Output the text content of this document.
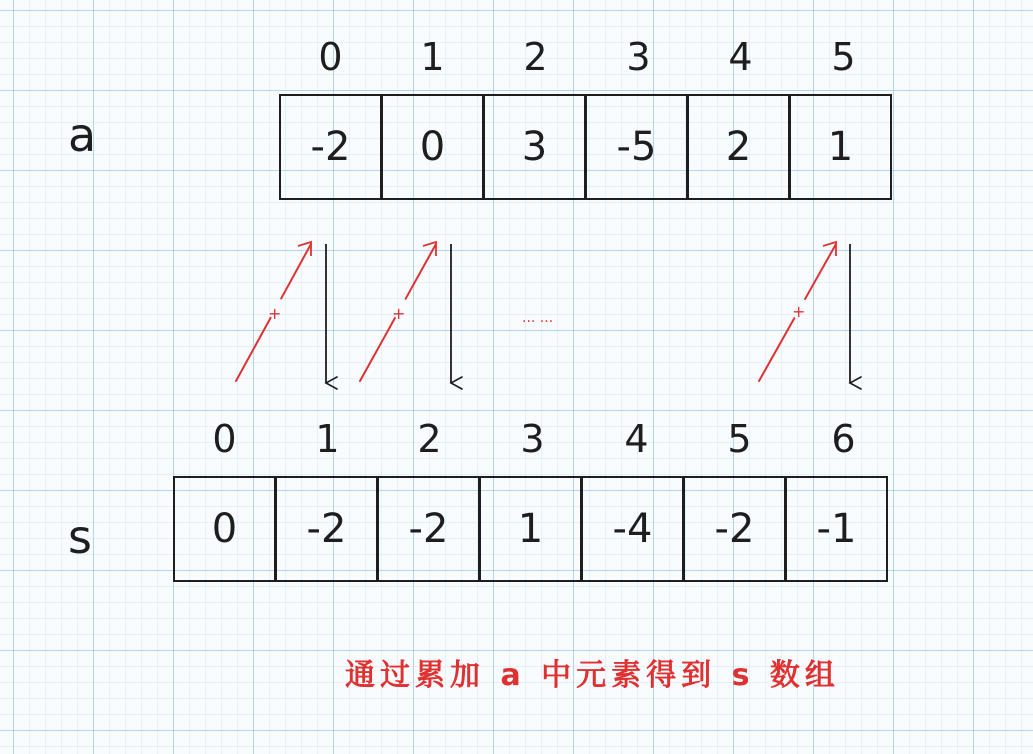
a
0	1	2	3	4	5
-2	0	3	-5	2	1
+	+	... ...	+
0	1	2	3	4	5	6
s	0	-2	-2	1	-4	-2	-1
通过累加 a 中元素得到 s 数组
